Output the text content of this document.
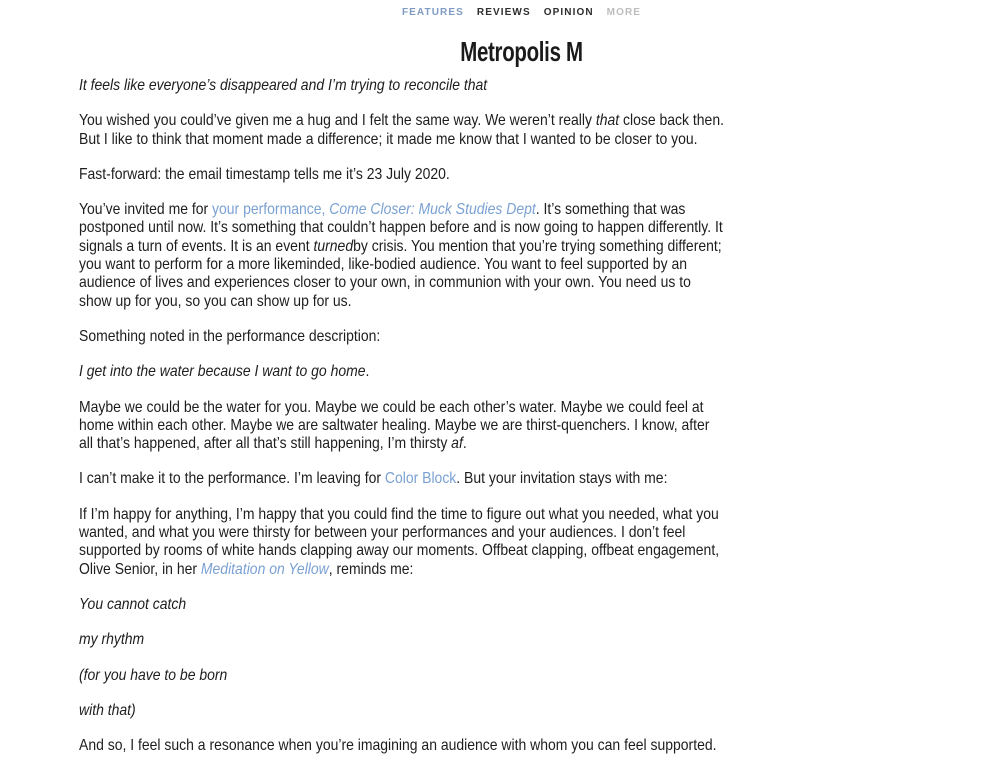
FEATURES REVIEWS OPINION MORE
Metropolis M

It feels like everyone’s disappeared and I’m trying to reconcile that

You wished you could’ve given me a hug and I felt the same way. We weren’t really that close back then. But I like to think that moment made a difference; it made me know that I wanted to be closer to you.

Fast-forward: the email timestamp tells me it’s 23 July 2020.

You’ve invited me for your performance, Come Closer: Muck Studies Dept. It’s something that was postponed until now. It’s something that couldn’t happen before and is now going to happen differently. It signals a turn of events. It is an event turnedby crisis. You mention that you’re trying something different; you want to perform for a more likeminded, like-bodied audience. You want to feel supported by an audience of lives and experiences closer to your own, in communion with your own. You need us to show up for you, so you can show up for us.

Something noted in the performance description:

I get into the water because I want to go home.

Maybe we could be the water for you. Maybe we could be each other’s water. Maybe we could feel at home within each other. Maybe we are saltwater healing. Maybe we are thirst-quenchers. I know, after all that’s happened, after all that’s still happening, I’m thirsty af.

I can’t make it to the performance. I’m leaving for Color Block. But your invitation stays with me:

If I’m happy for anything, I’m happy that you could find the time to figure out what you needed, what you wanted, and what you were thirsty for between your performances and your audiences. I don’t feel supported by rooms of white hands clapping away our moments. Offbeat clapping, offbeat engagement, Olive Senior, in her Meditation on Yellow, reminds me:

You cannot catch

my rhythm

(for you have to be born

with that)

And so, I feel such a resonance when you’re imagining an audience with whom you can feel supported.
